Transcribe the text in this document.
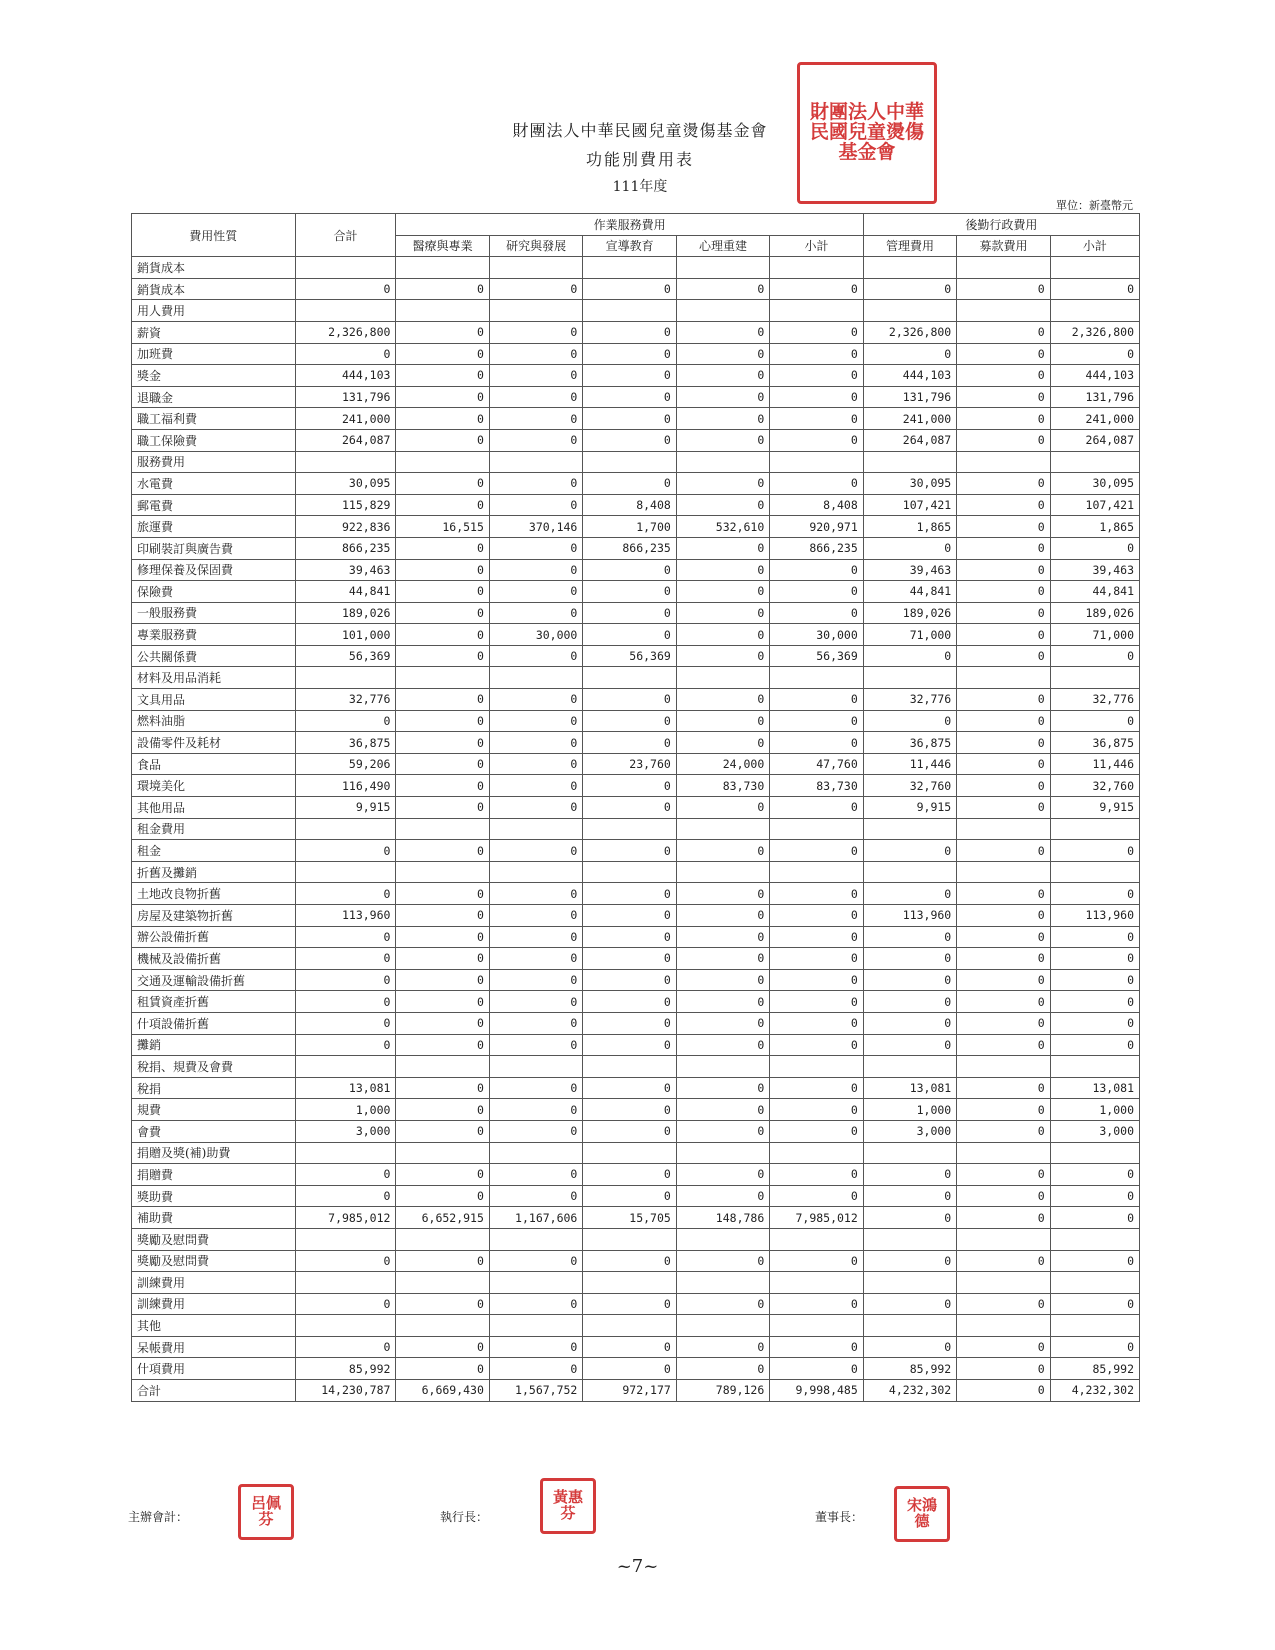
財團法人中華民國兒童燙傷基金會
財團法人中華民國兒童燙傷基金會
功能別費用表
111年度
單位：新臺幣元
費用性質	合計	作業服務費用					後勤行政費用		
		醫療與專業	研究與發展	宣導教育	心理重建	小計	管理費用	募款費用	小計
銷貨成本									
銷貨成本	0	0	0	0	0	0	0	0	0
用人費用									
薪資	2,326,800	0	0	0	0	0	2,326,800	0	2,326,800
加班費	0	0	0	0	0	0	0	0	0
獎金	444,103	0	0	0	0	0	444,103	0	444,103
退職金	131,796	0	0	0	0	0	131,796	0	131,796
職工福利費	241,000	0	0	0	0	0	241,000	0	241,000
職工保險費	264,087	0	0	0	0	0	264,087	0	264,087
服務費用									
水電費	30,095	0	0	0	0	0	30,095	0	30,095
郵電費	115,829	0	0	8,408	0	8,408	107,421	0	107,421
旅運費	922,836	16,515	370,146	1,700	532,610	920,971	1,865	0	1,865
印刷裝訂與廣告費	866,235	0	0	866,235	0	866,235	0	0	0
修理保養及保固費	39,463	0	0	0	0	0	39,463	0	39,463
保險費	44,841	0	0	0	0	0	44,841	0	44,841
一般服務費	189,026	0	0	0	0	0	189,026	0	189,026
專業服務費	101,000	0	30,000	0	0	30,000	71,000	0	71,000
公共關係費	56,369	0	0	56,369	0	56,369	0	0	0
材料及用品消耗									
文具用品	32,776	0	0	0	0	0	32,776	0	32,776
燃料油脂	0	0	0	0	0	0	0	0	0
設備零件及耗材	36,875	0	0	0	0	0	36,875	0	36,875
食品	59,206	0	0	23,760	24,000	47,760	11,446	0	11,446
環境美化	116,490	0	0	0	83,730	83,730	32,760	0	32,760
其他用品	9,915	0	0	0	0	0	9,915	0	9,915
租金費用									
租金	0	0	0	0	0	0	0	0	0
折舊及攤銷									
土地改良物折舊	0	0	0	0	0	0	0	0	0
房屋及建築物折舊	113,960	0	0	0	0	0	113,960	0	113,960
辦公設備折舊	0	0	0	0	0	0	0	0	0
機械及設備折舊	0	0	0	0	0	0	0	0	0
交通及運輸設備折舊	0	0	0	0	0	0	0	0	0
租賃資產折舊	0	0	0	0	0	0	0	0	0
什項設備折舊	0	0	0	0	0	0	0	0	0
攤銷	0	0	0	0	0	0	0	0	0
稅捐、規費及會費									
稅捐	13,081	0	0	0	0	0	13,081	0	13,081
規費	1,000	0	0	0	0	0	1,000	0	1,000
會費	3,000	0	0	0	0	0	3,000	0	3,000
捐贈及獎(補)助費									
捐贈費	0	0	0	0	0	0	0	0	0
獎助費	0	0	0	0	0	0	0	0	0
補助費	7,985,012	6,652,915	1,167,606	15,705	148,786	7,985,012	0	0	0
獎勵及慰問費									
獎勵及慰問費	0	0	0	0	0	0	0	0	0
訓練費用									
訓練費用	0	0	0	0	0	0	0	0	0
其他									
呆帳費用	0	0	0	0	0	0	0	0	0
什項費用	85,992	0	0	0	0	0	85,992	0	85,992
合計	14,230,787	6,669,430	1,567,752	972,177	789,126	9,998,485	4,232,302	0	4,232,302
主辦會計：
呂佩芬	執行長：
黃惠芬	董事長：
宋鴻德
~7~
